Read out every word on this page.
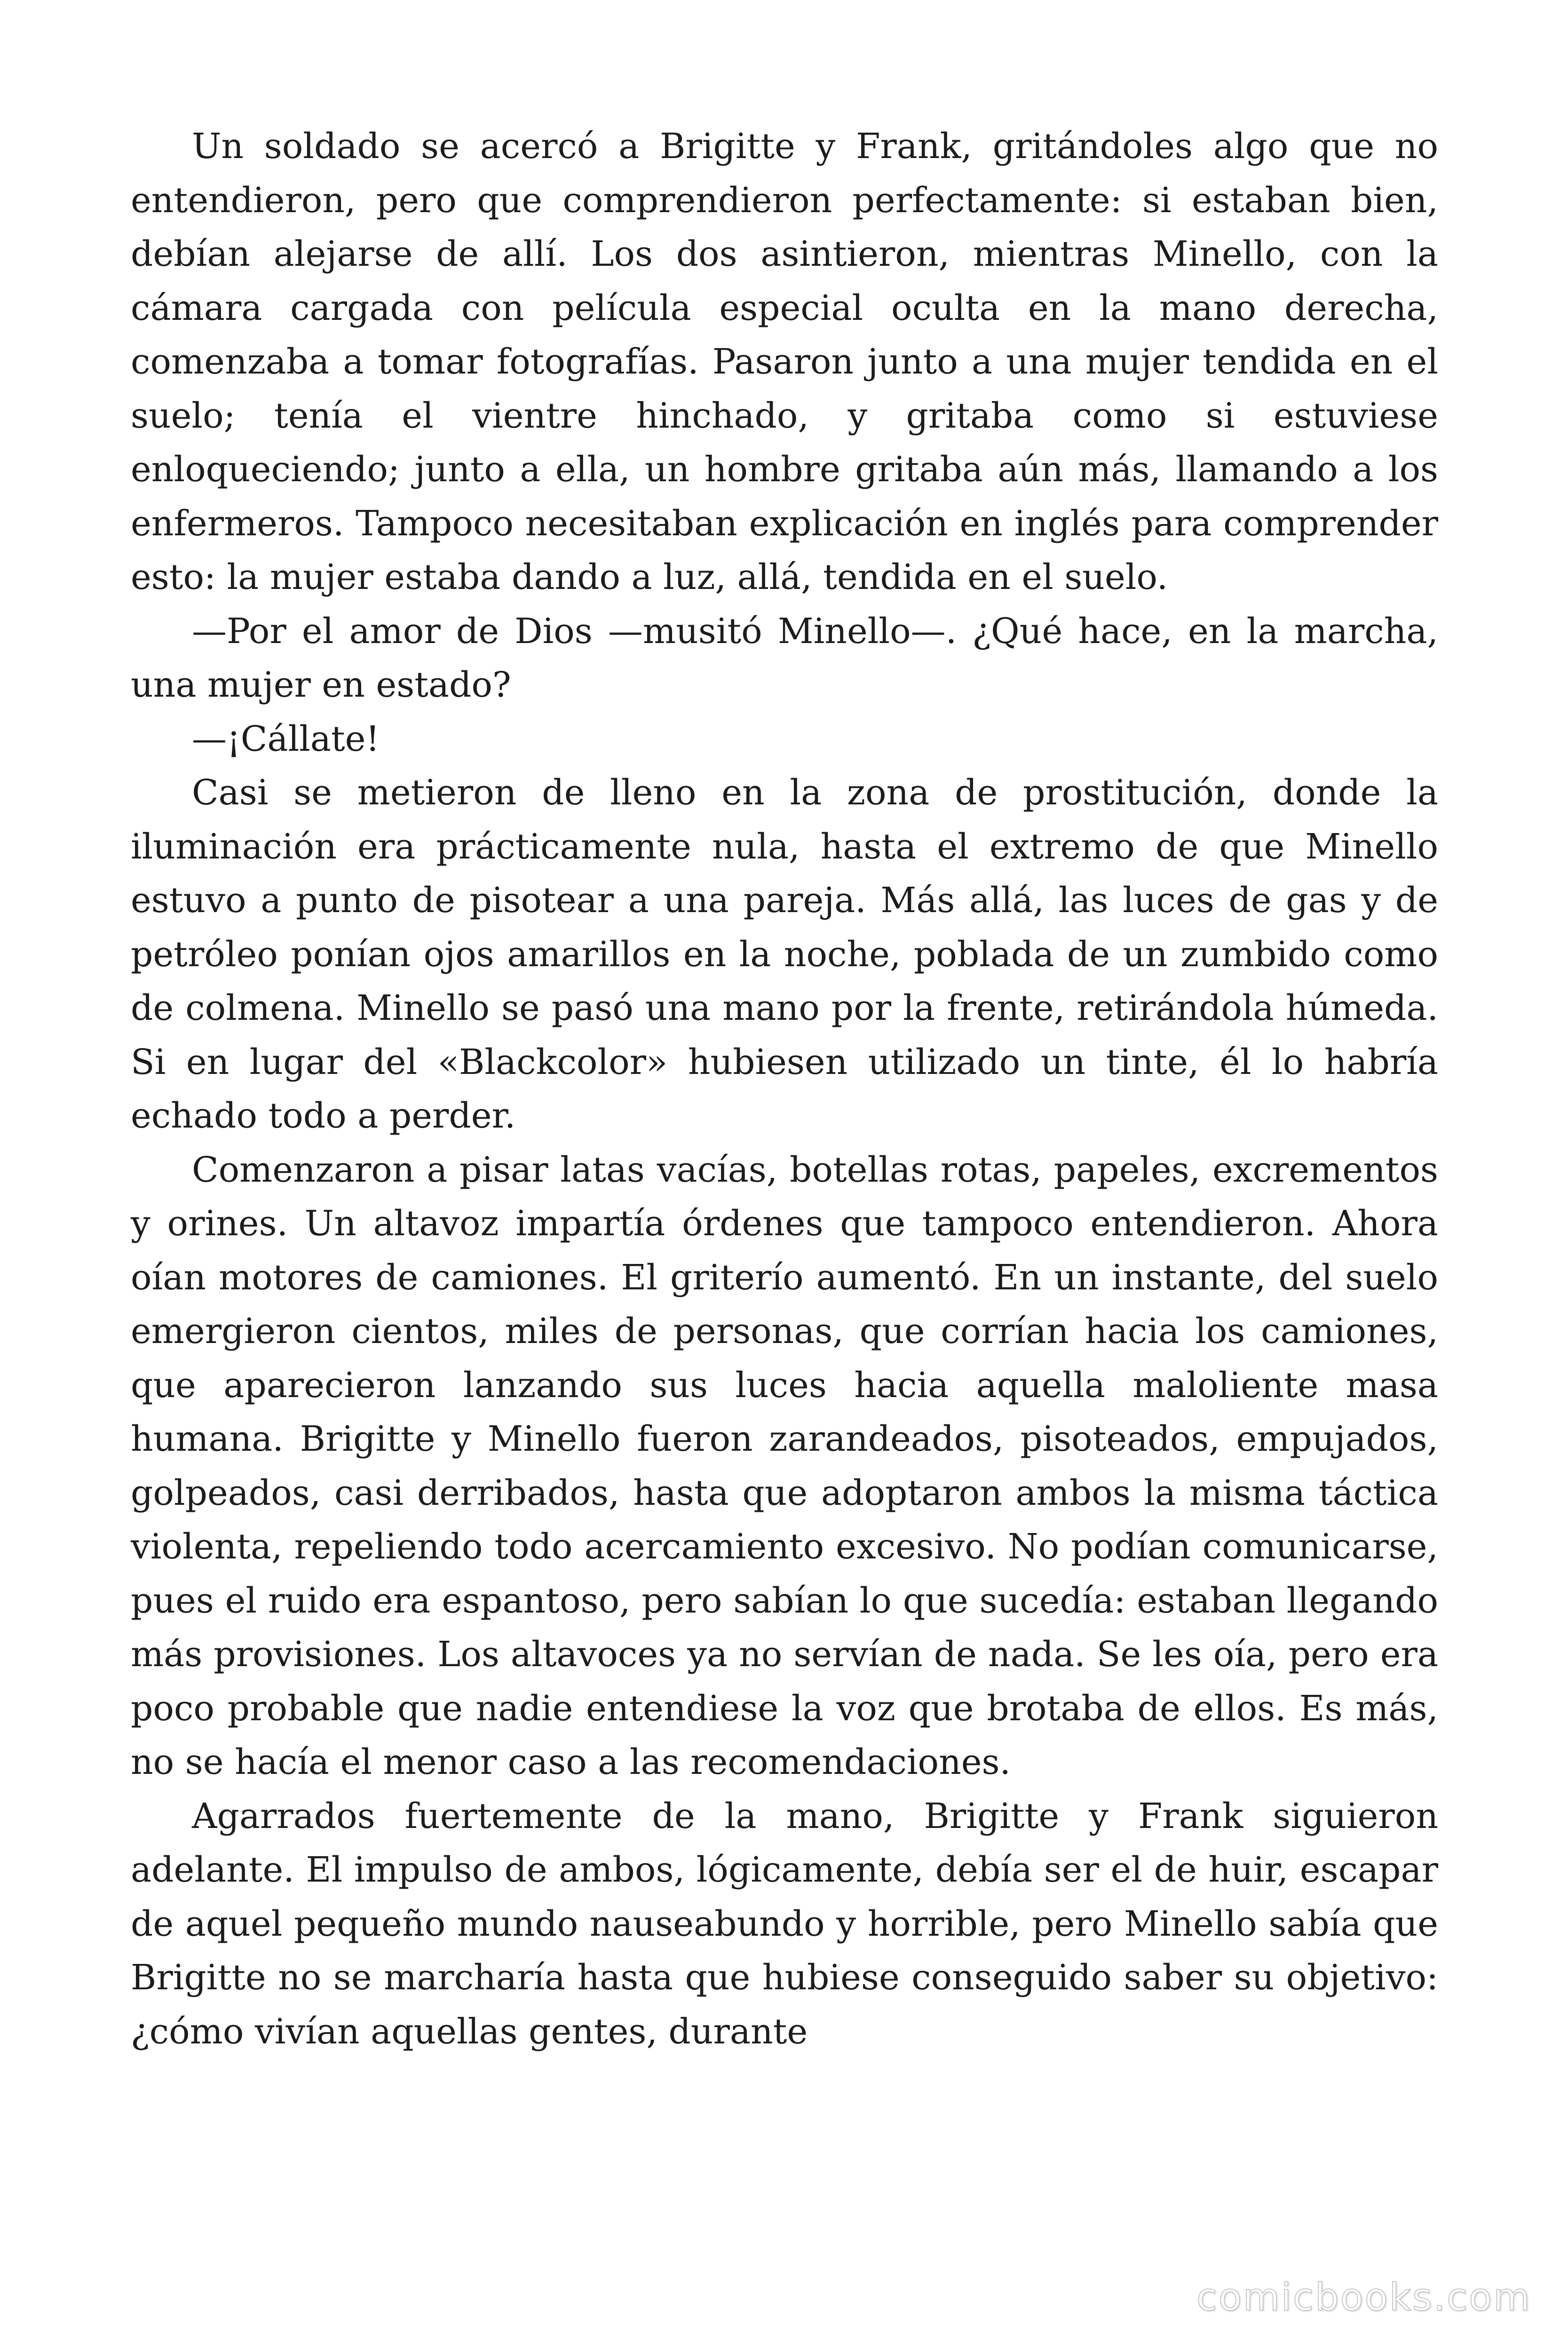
Un soldado se acercó a Brigitte y Frank, gritándoles algo que no entendieron, pero que comprendieron perfectamente: si estaban bien, debían alejarse de allí. Los dos asintieron, mientras Minello, con la cámara cargada con película especial oculta en la mano derecha, comenzaba a tomar fotografías. Pasaron junto a una mujer tendida en el suelo; tenía el vientre hinchado, y gritaba como si estuviese enloqueciendo; junto a ella, un hombre gritaba aún más, llamando a los enfermeros. Tampoco necesitaban explicación en inglés para comprender esto: la mujer estaba dando a luz, allá, tendida en el suelo.

—Por el amor de Dios —musitó Minello—. ¿Qué hace, en la marcha, una mujer en estado?

—¡Cállate!

Casi se metieron de lleno en la zona de prostitución, donde la iluminación era prácticamente nula, hasta el extremo de que Minello estuvo a punto de pisotear a una pareja. Más allá, las luces de gas y de petróleo ponían ojos amarillos en la noche, poblada de un zumbido como de colmena. Minello se pasó una mano por la frente, retirándola húmeda. Si en lugar del «Blackcolor» hubiesen utilizado un tinte, él lo habría echado todo a perder.

Comenzaron a pisar latas vacías, botellas rotas, papeles, excrementos y orines. Un altavoz impartía órdenes que tampoco entendieron. Ahora oían motores de camiones. El griterío aumentó. En un instante, del suelo emergieron cientos, miles de personas, que corrían hacia los camiones, que aparecieron lanzando sus luces hacia aquella maloliente masa humana. Brigitte y Minello fueron zarandeados, pisoteados, empujados, golpeados, casi derribados, hasta que adoptaron ambos la misma táctica violenta, repeliendo todo acercamiento excesivo. No podían comunicarse, pues el ruido era espantoso, pero sabían lo que sucedía: estaban llegando más provisiones. Los altavoces ya no servían de nada. Se les oía, pero era poco probable que nadie entendiese la voz que brotaba de ellos. Es más, no se hacía el menor caso a las recomendaciones.

Agarrados fuertemente de la mano, Brigitte y Frank siguieron adelante. El impulso de ambos, lógicamente, debía ser el de huir, escapar de aquel pequeño mundo nauseabundo y horrible, pero Minello sabía que Brigitte no se marcharía hasta que hubiese conseguido saber su objetivo: ¿cómo vivían aquellas gentes, durante

comicbooks.com
